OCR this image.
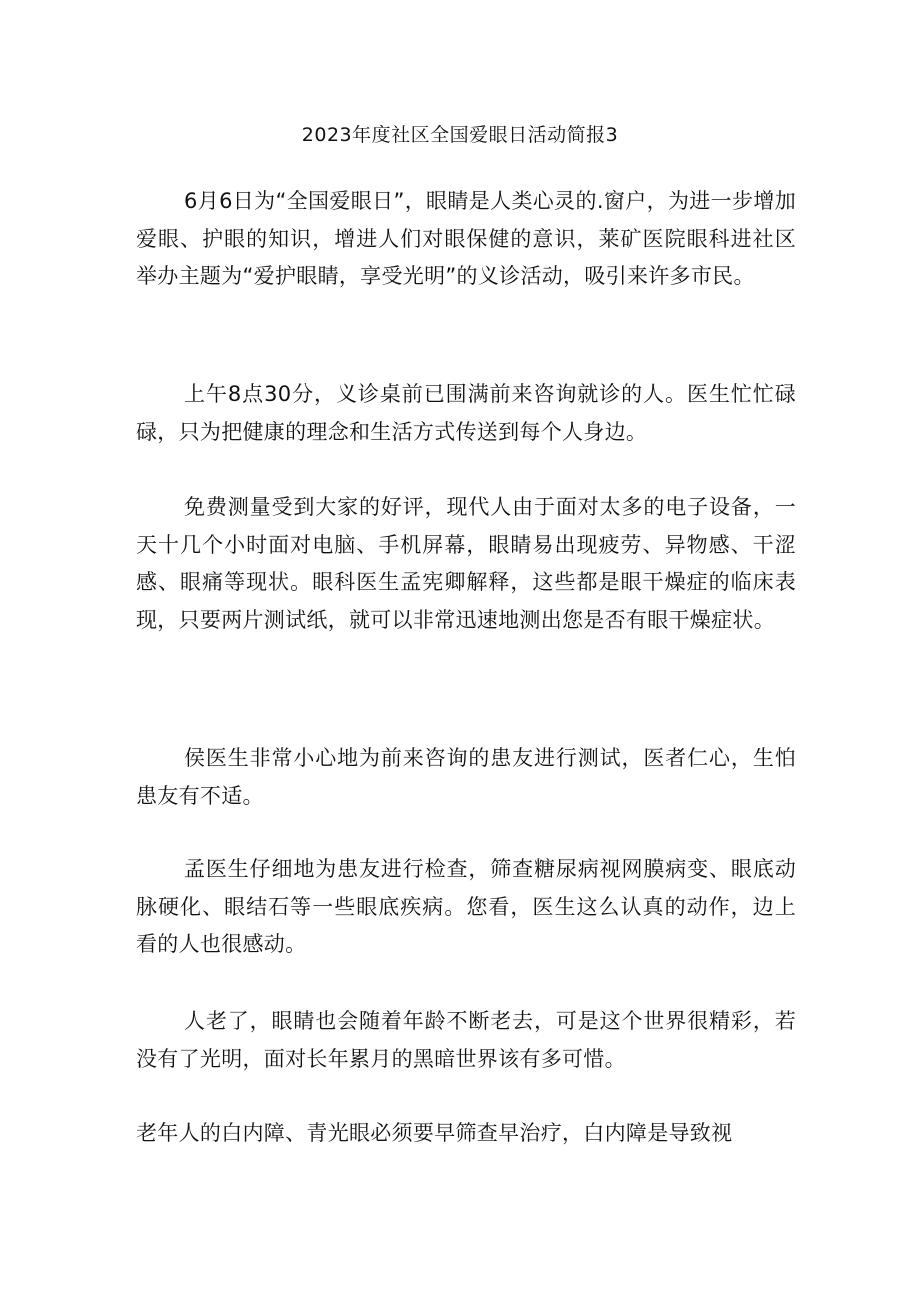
2023年度社区全国爱眼日活动简报3

6月6日为“全国爱眼日”，眼睛是人类心灵的.窗户，为进一步增加爱眼、护眼的知识，增进人们对眼保健的意识，莱矿医院眼科进社区举办主题为“爱护眼睛，享受光明”的义诊活动，吸引来许多市民。

上午8点30分，义诊桌前已围满前来咨询就诊的人。医生忙忙碌碌，只为把健康的理念和生活方式传送到每个人身边。

免费测量受到大家的好评，现代人由于面对太多的电子设备，一天十几个小时面对电脑、手机屏幕，眼睛易出现疲劳、异物感、干涩感、眼痛等现状。眼科医生孟宪卿解释，这些都是眼干燥症的临床表现，只要两片测试纸，就可以非常迅速地测出您是否有眼干燥症状。

侯医生非常小心地为前来咨询的患友进行测试，医者仁心，生怕患友有不适。

孟医生仔细地为患友进行检查，筛查糖尿病视网膜病变、眼底动脉硬化、眼结石等一些眼底疾病。您看，医生这么认真的动作，边上看的人也很感动。

人老了，眼睛也会随着年龄不断老去，可是这个世界很精彩，若没有了光明，面对长年累月的黑暗世界该有多可惜。

老年人的白内障、青光眼必须要早筛查早治疗，白内障是导致视
